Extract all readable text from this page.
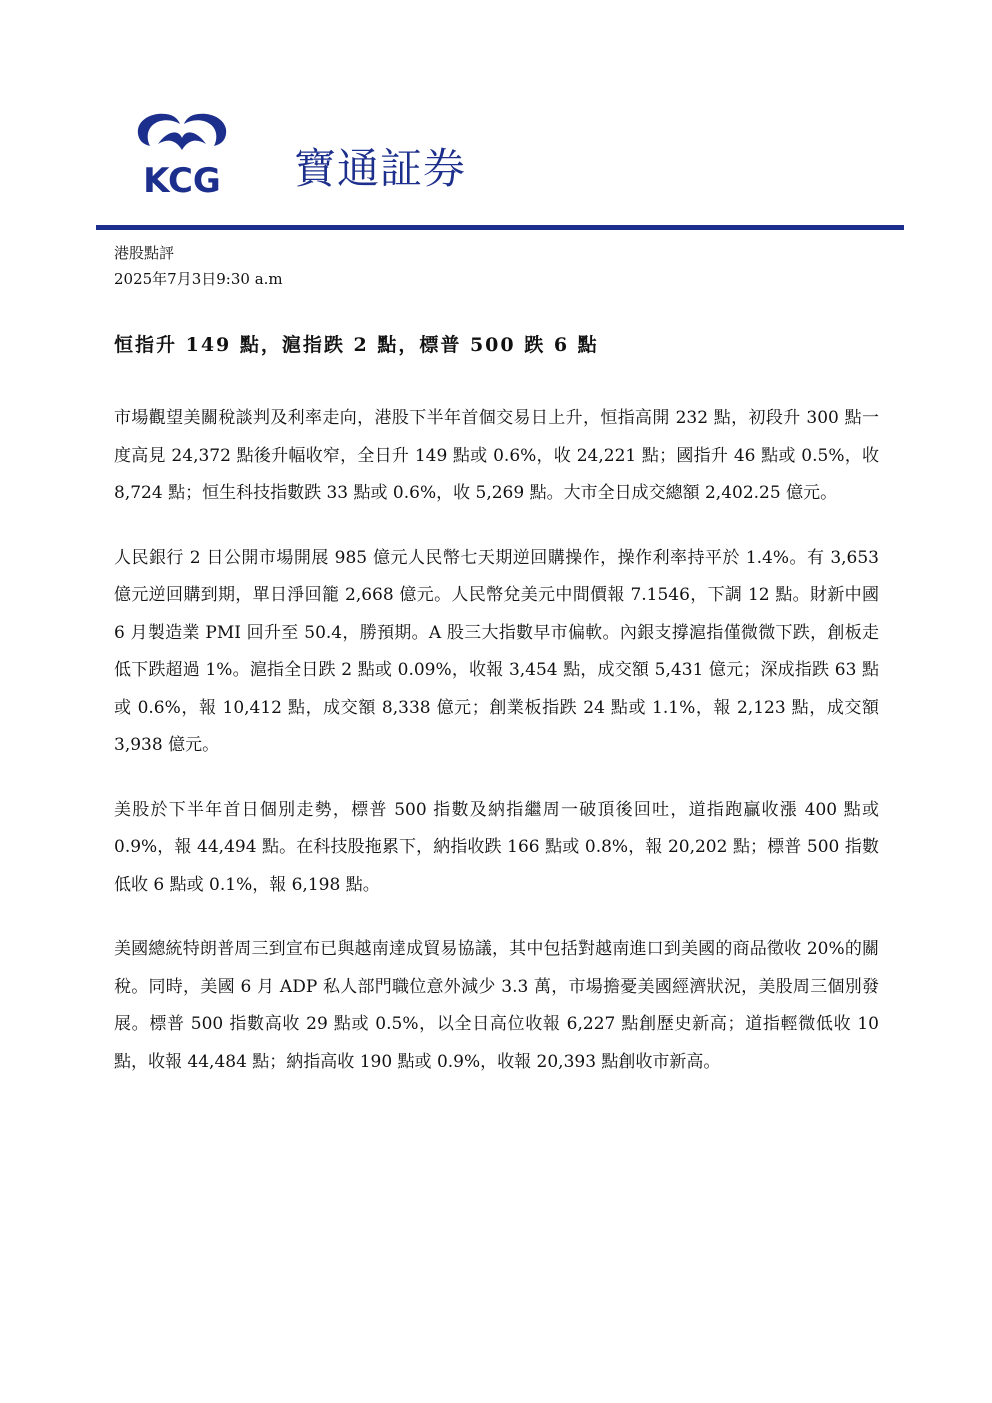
KCG 寶通証券
港股點評
2025年7月3日9:30 a.m
恒指升 149 點，滬指跌 2 點，標普 500 跌 6 點

市場觀望美關稅談判及利率走向，港股下半年首個交易日上升，恒指高開 232 點，初段升 300 點一度高見 24,372 點後升幅收窄，全日升 149 點或 0.6%，收 24,221 點；國指升 46 點或 0.5%，收 8,724 點；恒生科技指數跌 33 點或 0.6%，收 5,269 點。大市全日成交總額 2,402.25 億元。

人民銀行 2 日公開市場開展 985 億元人民幣七天期逆回購操作，操作利率持平於 1.4%。有 3,653 億元逆回購到期，單日淨回籠 2,668 億元。人民幣兌美元中間價報 7.1546，下調 12 點。財新中國 6 月製造業 PMI 回升至 50.4，勝預期。A 股三大指數早市偏軟。內銀支撐滬指僅微微下跌，創板走低下跌超過 1%。滬指全日跌 2 點或 0.09%，收報 3,454 點，成交額 5,431 億元；深成指跌 63 點或 0.6%，報 10,412 點，成交額 8,338 億元；創業板指跌 24 點或 1.1%，報 2,123 點，成交額 3,938 億元。

美股於下半年首日個別走勢，標普 500 指數及納指繼周一破頂後回吐，道指跑贏收漲 400 點或 0.9%，報 44,494 點。在科技股拖累下，納指收跌 166 點或 0.8%，報 20,202 點；標普 500 指數低收 6 點或 0.1%，報 6,198 點。

美國總統特朗普周三到宣布已與越南達成貿易協議，其中包括對越南進口到美國的商品徵收 20%的關稅。同時，美國 6 月 ADP 私人部門職位意外減少 3.3 萬，市場擔憂美國經濟狀況，美股周三個別發展。標普 500 指數高收 29 點或 0.5%，以全日高位收報 6,227 點創歷史新高；道指輕微低收 10 點，收報 44,484 點；納指高收 190 點或 0.9%，收報 20,393 點創收市新高。
